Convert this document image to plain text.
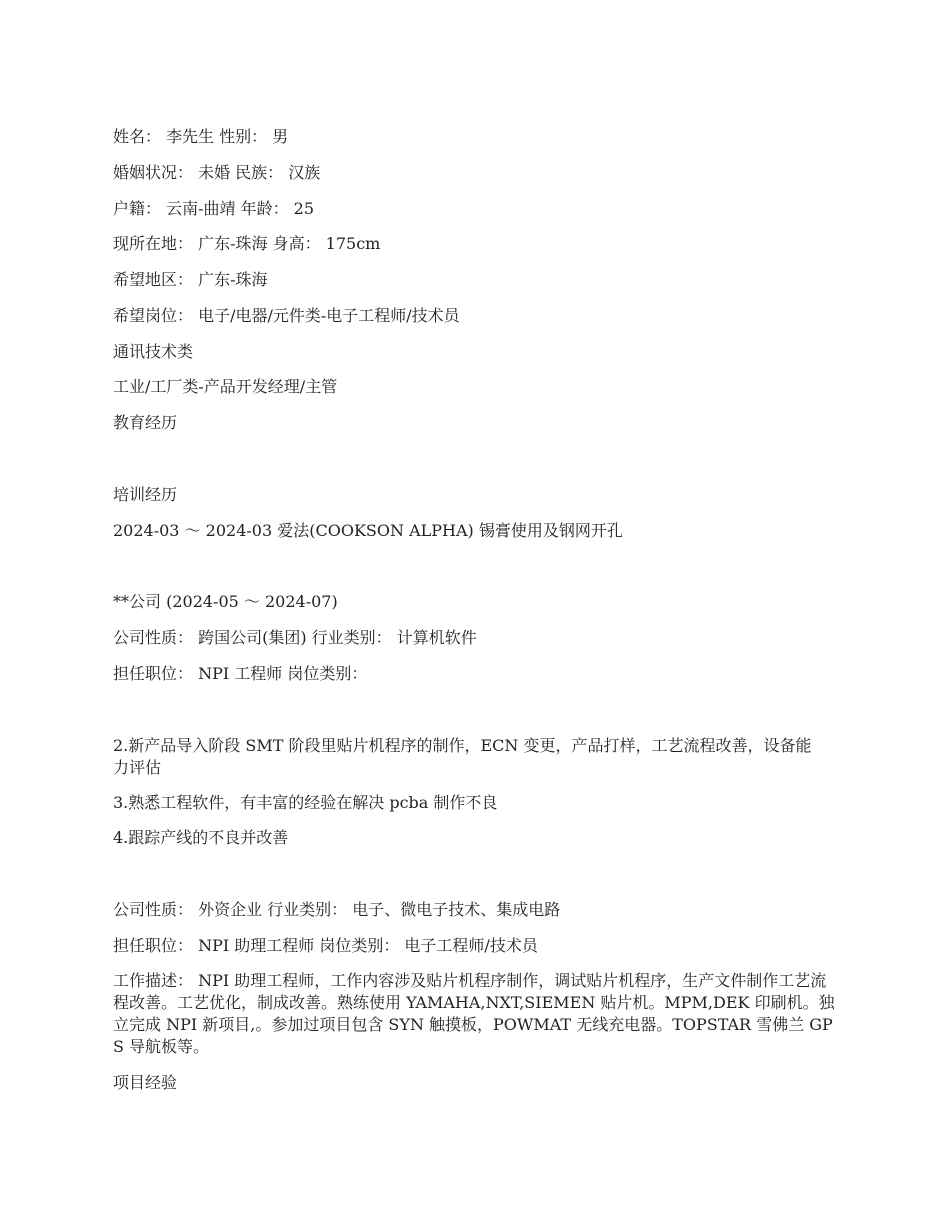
姓名： 李先生 性别： 男
婚姻状况： 未婚 民族： 汉族
户籍： 云南-曲靖 年龄： 25
现所在地： 广东-珠海 身高： 175cm
希望地区： 广东-珠海
希望岗位： 电子/电器/元件类-电子工程师/技术员
通讯技术类
工业/工厂类-产品开发经理/主管
教育经历
培训经历
2024-03 ～ 2024-03 爱法(COOKSON ALPHA) 锡膏使用及钢网开孔
**公司 (2024-05 ～ 2024-07)
公司性质： 跨国公司(集团) 行业类别： 计算机软件
担任职位： NPI 工程师 岗位类别：
2.新产品导入阶段 SMT 阶段里贴片机程序的制作，ECN 变更，产品打样，工艺流程改善，设备能力评估
3.熟悉工程软件，有丰富的经验在解决 pcba 制作不良
4.跟踪产线的不良并改善
公司性质： 外资企业 行业类别： 电子、微电子技术、集成电路
担任职位： NPI 助理工程师 岗位类别： 电子工程师/技术员
工作描述： NPI 助理工程师，工作内容涉及贴片机程序制作，调试贴片机程序，生产文件制作工艺流程改善。工艺优化，制成改善。熟练使用 YAMAHA,NXT,SIEMEN 贴片机。MPM,DEK 印刷机。独立完成 NPI 新项目,。参加过项目包含 SYN 触摸板，POWMAT 无线充电器。TOPSTAR 雪佛兰 GPS 导航板等。
项目经验
